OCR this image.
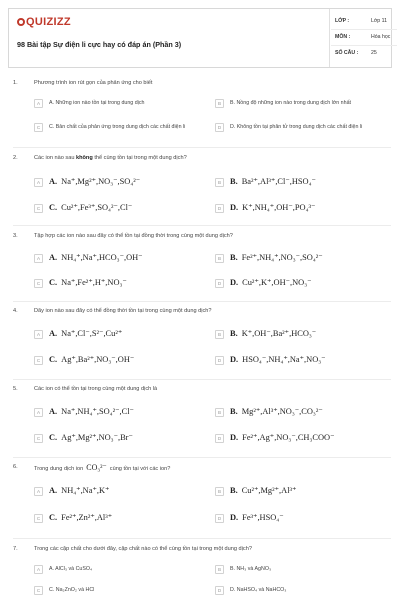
QUIZIZZ
98 Bài tập Sự điện li cực hay có đáp án (Phần 3)
LỚP :	Lớp 11
MÔN :	Hóa học
SỐ CÂU :	25
1.	Phương trình ion rút gọn của phản ứng cho biết
A	A. Những ion nào tồn tại trong dung dịch	B	B. Nồng độ những ion nào trong dung dịch lớn nhất
C	C. Bản chất của phản ứng trong dung dịch các chất điện li	D	D. Không tồn tại phân tử trong dung dịch các chất điện li
2.	Các ion nào sau không thể cùng tồn tại trong một dung dịch?
A	A. Na⁺,Mg²⁺,NO₃⁻,SO₄²⁻	B	B. Ba²⁺,Al³⁺,Cl⁻,HSO₄⁻
C	C. Cu²⁺,Fe³⁺,SO₄²⁻,Cl⁻	D	D. K⁺,NH₄⁺,OH⁻,PO₄³⁻
3.	Tập hợp các ion nào sau đây có thể tồn tại đồng thời trong cùng một dung dịch?
A	A. NH₄⁺,Na⁺,HCO₃⁻,OH⁻	B	B. Fe²⁺,NH₄⁺,NO₃⁻,SO₄²⁻
C	C. Na⁺,Fe²⁺,H⁺,NO₃⁻	D	D. Cu²⁺,K⁺,OH⁻,NO₃⁻
4.	Dãy ion nào sau đây có thể đồng thời tồn tại trong cùng một dung dịch?
A	A. Na⁺,Cl⁻,S²⁻,Cu²⁺	B	B. K⁺,OH⁻,Ba²⁺,HCO₃⁻
C	C. Ag⁺,Ba²⁺,NO₃⁻,OH⁻	D	D. HSO₄⁻,NH₄⁺,Na⁺,NO₃⁻
5.	Các ion có thể tồn tại trong cùng một dung dịch là
A	A. Na⁺,NH₄⁺,SO₄²⁻,Cl⁻	B	B. Mg²⁺,Al³⁺,NO₃⁻,CO₃²⁻
C	C. Ag⁺,Mg²⁺,NO₃⁻,Br⁻	D	D. Fe²⁺,Ag⁺,NO₃⁻,CH₃COO⁻
6.	Trong dung dịch ion CO₃²⁻ cùng tồn tại với các ion?
A	A. NH₄⁺,Na⁺,K⁺	B	B. Cu²⁺,Mg²⁺,Al³⁺
C	C. Fe²⁺,Zn²⁺,Al³⁺	D	D. Fe³⁺,HSO₄⁻
7.	Trong các cặp chất cho dưới đây, cặp chất nào có thể cùng tồn tại trong một dung dịch?
A	A. AlCl₃ và CuSO₄	B	B. NH₃ và AgNO₃
C	C. Na₂ZnO₂ và HCl	D	D. NaHSO₄ và NaHCO₃
